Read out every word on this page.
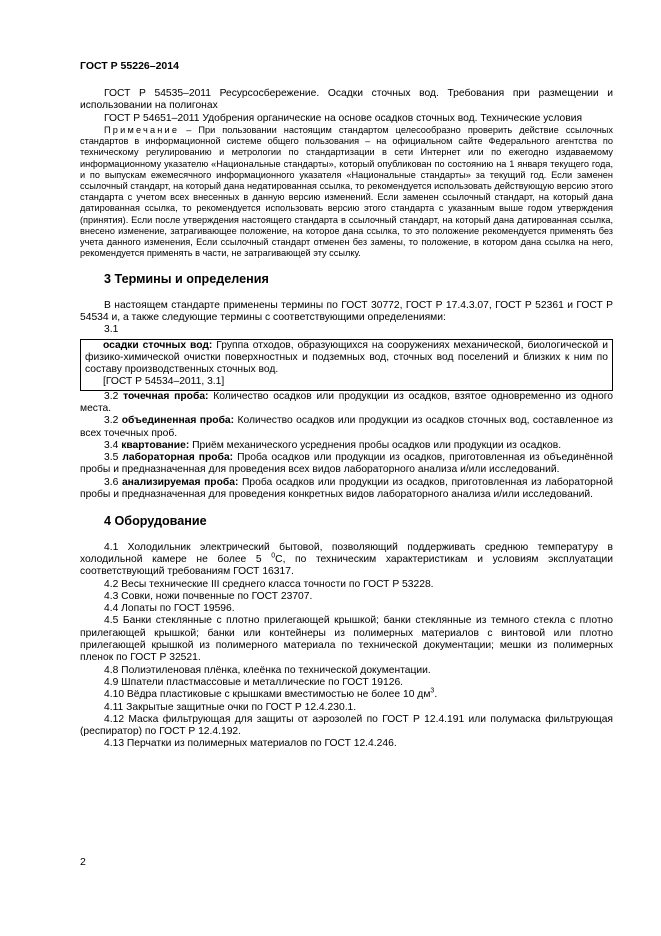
ГОСТ Р 55226–2014

ГОСТ Р 54535–2011 Ресурсосбережение. Осадки сточных вод. Требования при размещении и использовании на полигонах

ГОСТ Р 54651–2011 Удобрения органические на основе осадков сточных вод. Технические условия

Примечание – При пользовании настоящим стандартом целесообразно проверить действие ссылочных стандартов в информационной системе общего пользования – на официальном сайте Федерального агентства по техническому регулированию и метрологии по стандартизации в сети Интернет или по ежегодно издаваемому информационному указателю «Национальные стандарты», который опубликован по состоянию на 1 января текущего года, и по выпускам ежемесячного информационного указателя «Национальные стандарты» за текущий год. Если заменен ссылочный стандарт, на который дана недатированная ссылка, то рекомендуется использовать действующую версию этого стандарта с учетом всех внесенных в данную версию изменений. Если заменен ссылочный стандарт, на который дана датированная ссылка, то рекомендуется использовать версию этого стандарта с указанным выше годом утверждения (принятия). Если после утверждения настоящего стандарта в ссылочный стандарт, на который дана датированная ссылка, внесено изменение, затрагивающее положение, на которое дана ссылка, то это положение рекомендуется применять без учета данного изменения, Если ссылочный стандарт отменен без замены, то положение, в котором дана ссылка на него, рекомендуется применять в части, не затрагивающей эту ссылку.

3 Термины и определения

В настоящем стандарте применены термины по ГОСТ 30772, ГОСТ Р 17.4.3.07, ГОСТ Р 52361 и ГОСТ Р 54534 и, а также следующие термины с соответствующими определениями:

3.1

осадки сточных вод: Группа отходов, образующихся на сооружениях механической, биологической и физико-химической очистки поверхностных и подземных вод, сточных вод поселений и близких к ним по составу производственных сточных вод.

[ГОСТ Р 54534–2011, 3.1]

3.2 точечная проба: Количество осадков или продукции из осадков, взятое одновременно из одного места.

3.2 объединенная проба: Количество осадков или продукции из осадков сточных вод, составленное из всех точечных проб.

3.4 квартование: Приём механического усреднения пробы осадков или продукции из осадков.

3.5 лабораторная проба: Проба осадков или продукции из осадков, приготовленная из объединённой пробы и предназначенная для проведения всех видов лабораторного анализа и/или исследований.

3.6 анализируемая проба: Проба осадков или продукции из осадков, приготовленная из лабораторной пробы и предназначенная для проведения конкретных видов лабораторного анализа и/или исследований.

4 Оборудование

4.1 Холодильник электрический бытовой, позволяющий поддерживать среднюю температуру в холодильной камере не более 5 $^0$С, по техническим характеристикам и условиям эксплуатации соответствующий требованиям ГОСТ 16317.

4.2 Весы технические III среднего класса точности по ГОСТ Р 53228.

4.3 Совки, ножи почвенные по ГОСТ 23707.

4.4 Лопаты по ГОСТ 19596.

4.5 Банки стеклянные с плотно прилегающей крышкой; банки стеклянные из темного стекла с плотно прилегающей крышкой; банки или контейнеры из полимерных материалов с винтовой или плотно прилегающей крышкой из полимерного материала по технической документации; мешки из полимерных пленок по ГОСТ Р 32521.

4.8 Полиэтиленовая плёнка, клеёнка по технической документации.

4.9 Шпатели пластмассовые и металлические по ГОСТ 19126.

4.10 Вёдра пластиковые с крышками вместимостью не более 10 $дм^3$.

4.11 Закрытые защитные очки по ГОСТ Р 12.4.230.1.

4.12 Маска фильтрующая для защиты от аэрозолей по ГОСТ Р 12.4.191 или полумаска фильтрующая (респиратор) по ГОСТ Р 12.4.192.

4.13 Перчатки из полимерных материалов по ГОСТ 12.4.246.

2
